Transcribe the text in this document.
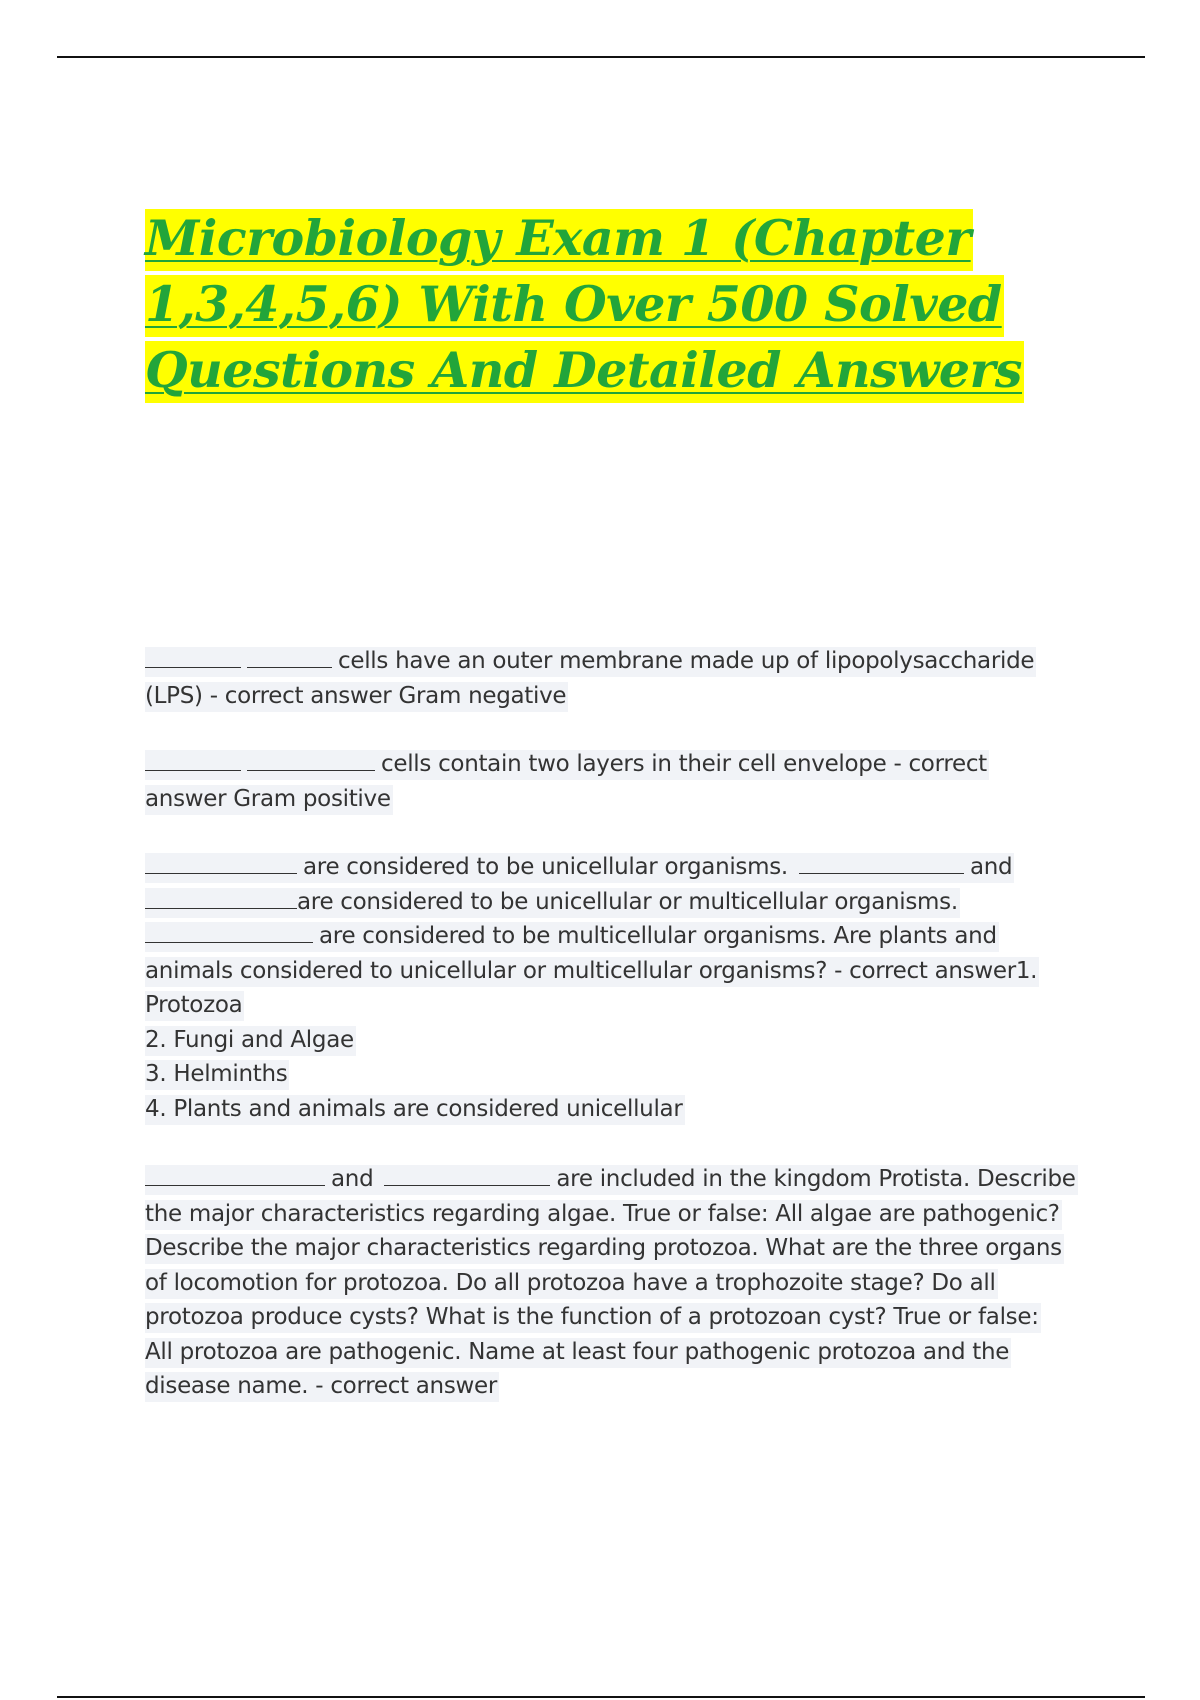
Microbiology Exam 1 (Chapter
1,3,4,5,6) With Over 500 Solved
Questions And Detailed Answers
cells have an outer membrane made up of lipopolysaccharide
(LPS) - correct answer Gram negative
cells contain two layers in their cell envelope - correct
answer Gram positive
are considered to be unicellular organisms.	and
are considered to be unicellular or multicellular organisms.
are considered to be multicellular organisms. Are plants and
animals considered to unicellular or multicellular organisms? - correct answer1.
Protozoa
2. Fungi and Algae
3. Helminths
4. Plants and animals are considered unicellular
and	are included in the kingdom Protista. Describe
the major characteristics regarding algae. True or false: All algae are pathogenic?
Describe the major characteristics regarding protozoa. What are the three organs
of locomotion for protozoa. Do all protozoa have a trophozoite stage? Do all
protozoa produce cysts? What is the function of a protozoan cyst? True or false:
All protozoa are pathogenic. Name at least four pathogenic protozoa and the
disease name. - correct answer
